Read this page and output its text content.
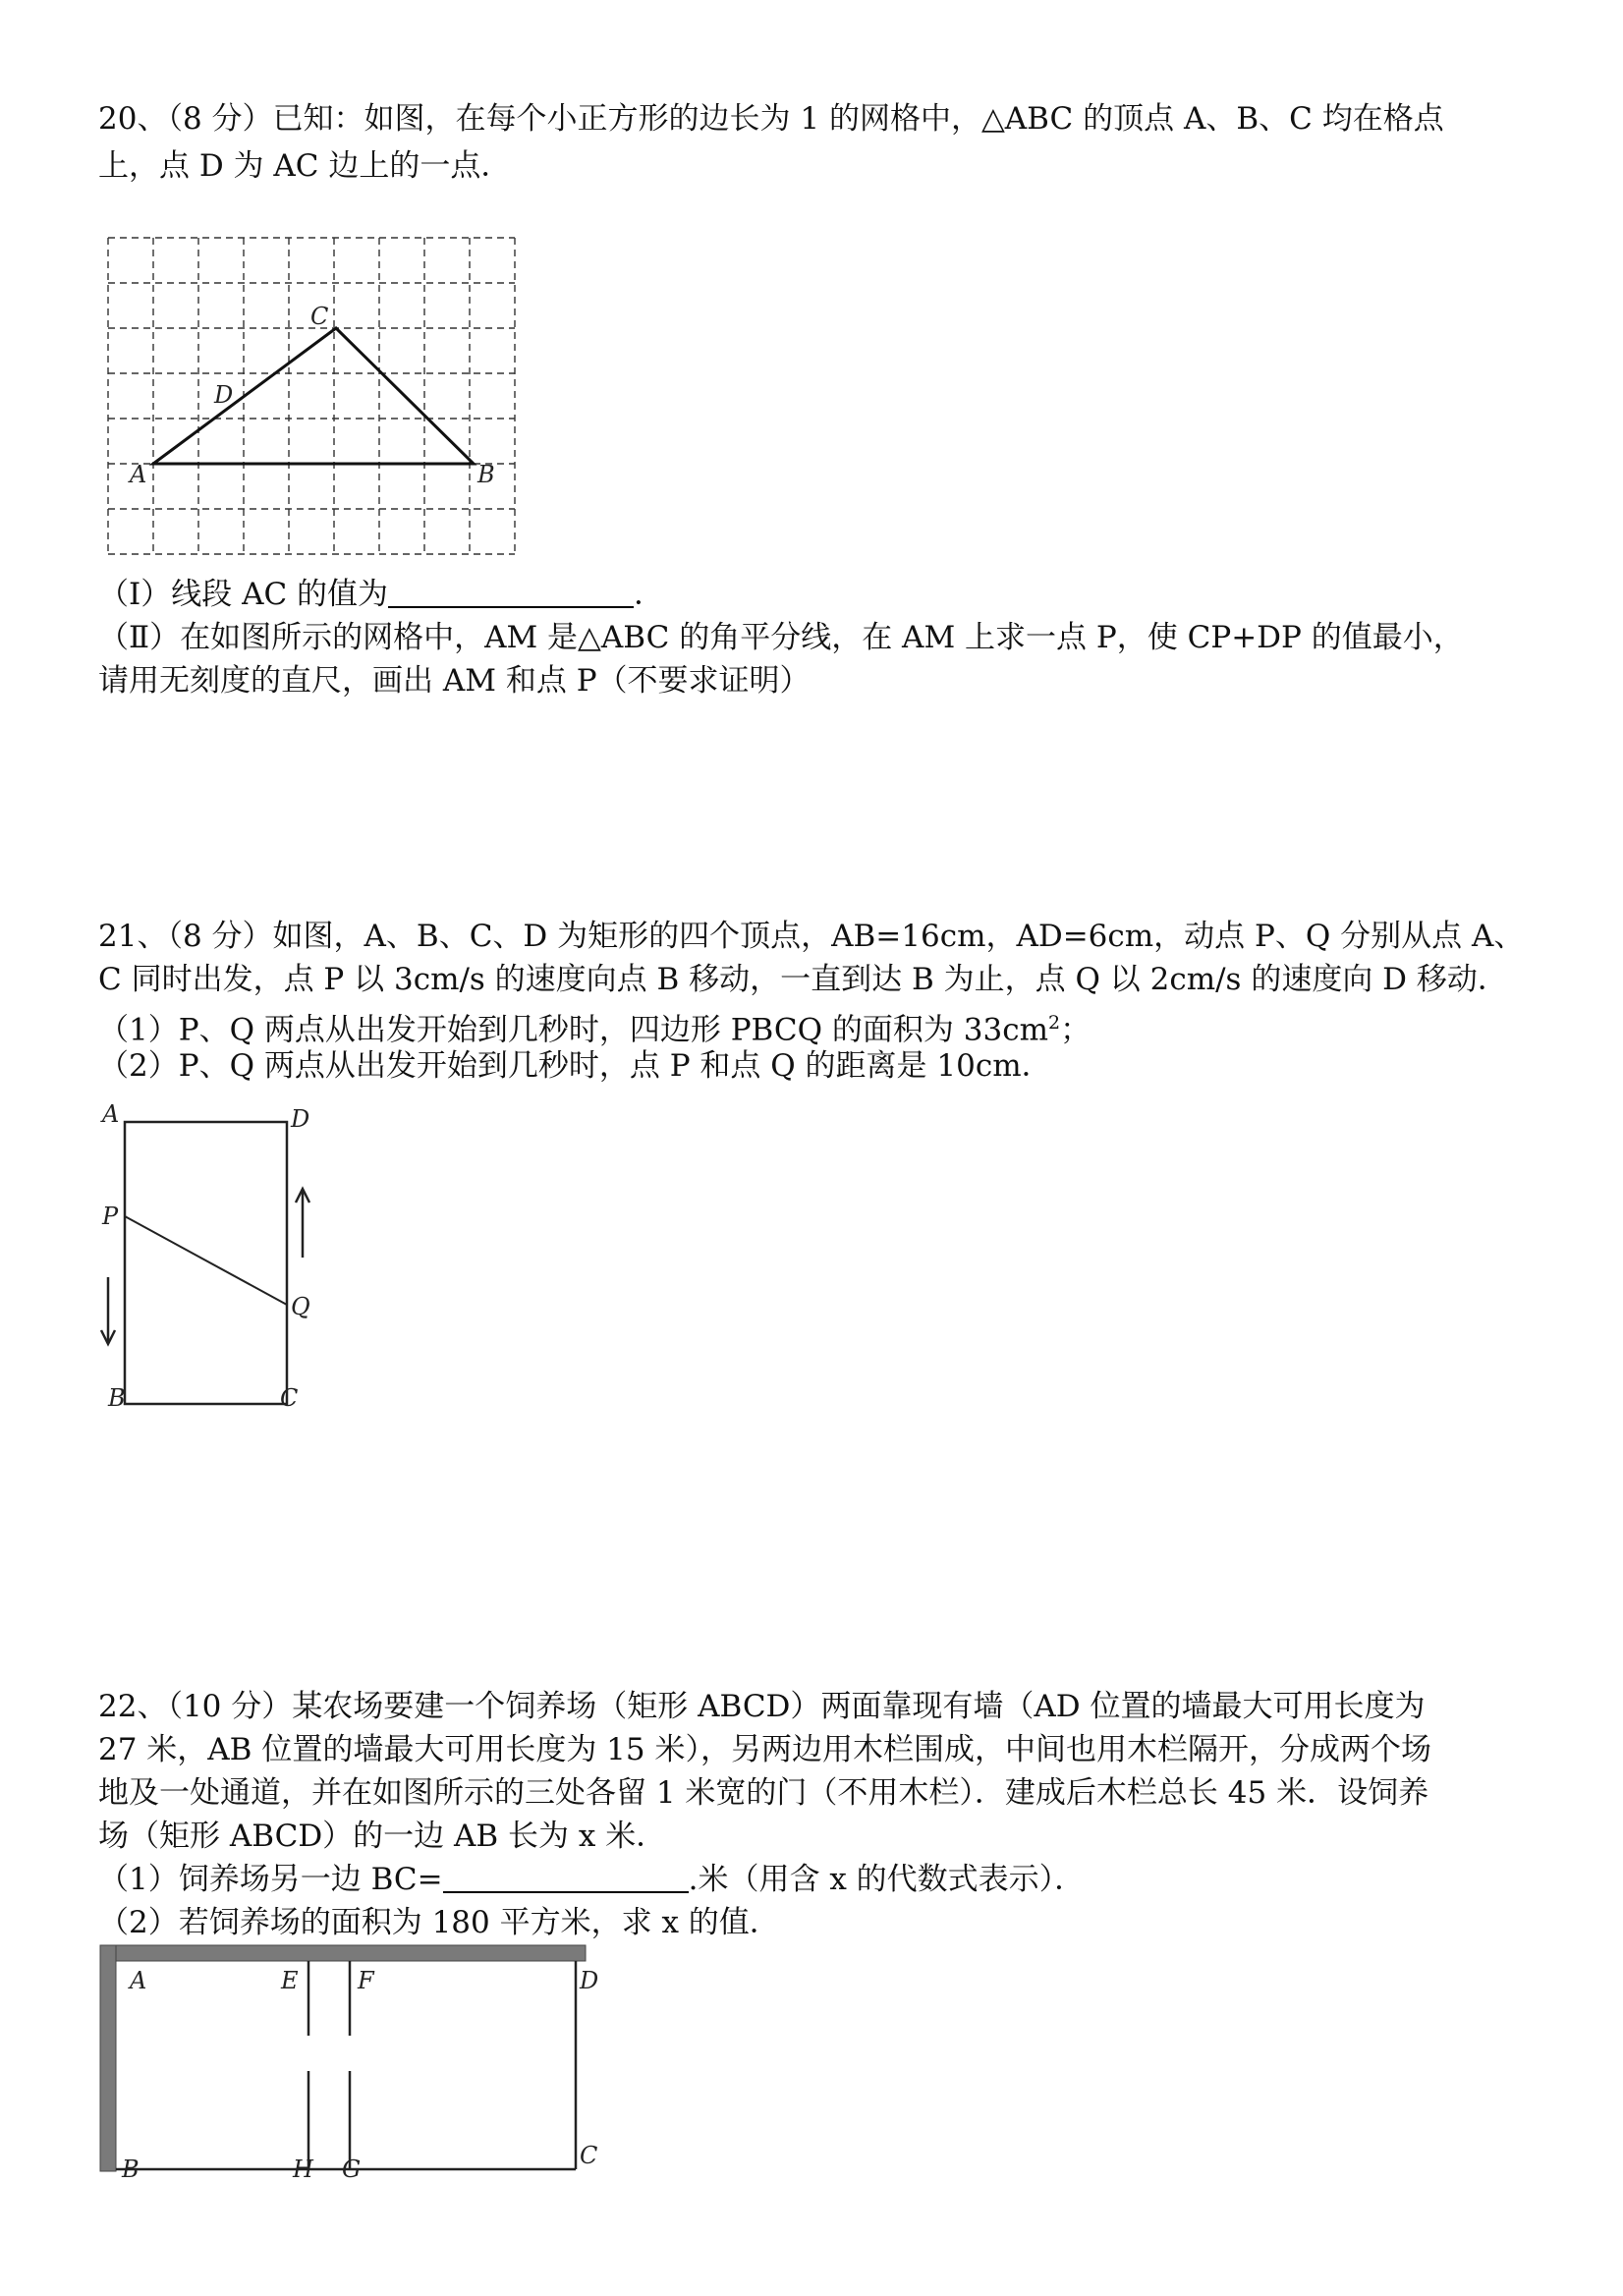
20、（8 分）已知：如图，在每个小正方形的边长为 1 的网格中，△ABC 的顶点 A、B、C 均在格点
上，点 D 为 AC 边上的一点．
A	B
C
D
（Ⅰ）线段 AC 的值为	．
（Ⅱ）在如图所示的网格中，AM 是△ABC 的角平分线，在 AM 上求一点 P，使 CP+DP 的值最小，
请用无刻度的直尺，画出 AM 和点 P（不要求证明）
21、（8 分）如图，A、B、C、D 为矩形的四个顶点，AB=16cm，AD=6cm，动点 P、Q 分别从点 A、
C 同时出发，点 P 以 3cm/s 的速度向点 B 移动，一直到达 B 为止，点 Q 以 2cm/s 的速度向 D 移动．
（1）P、Q 两点从出发开始到几秒时，四边形 PBCQ 的面积为 $33cm^2$；
（2）P、Q 两点从出发开始到几秒时，点 P 和点 Q 的距离是 10cm．
A	D
P
Q
B	C
22、（10 分）某农场要建一个饲养场（矩形 ABCD）两面靠现有墙（AD 位置的墙最大可用长度为
27 米，AB 位置的墙最大可用长度为 15 米），另两边用木栏围成，中间也用木栏隔开，分成两个场
地及一处通道，并在如图所示的三处各留 1 米宽的门（不用木栏）．建成后木栏总长 45 米．设饲养
场（矩形 ABCD）的一边 AB 长为 x 米．
（1）饲养场另一边 BC=	.米（用含 x 的代数式表示）．
（2）若饲养场的面积为 180 平方米，求 x 的值．
A	E	F	D
B	H G	C
